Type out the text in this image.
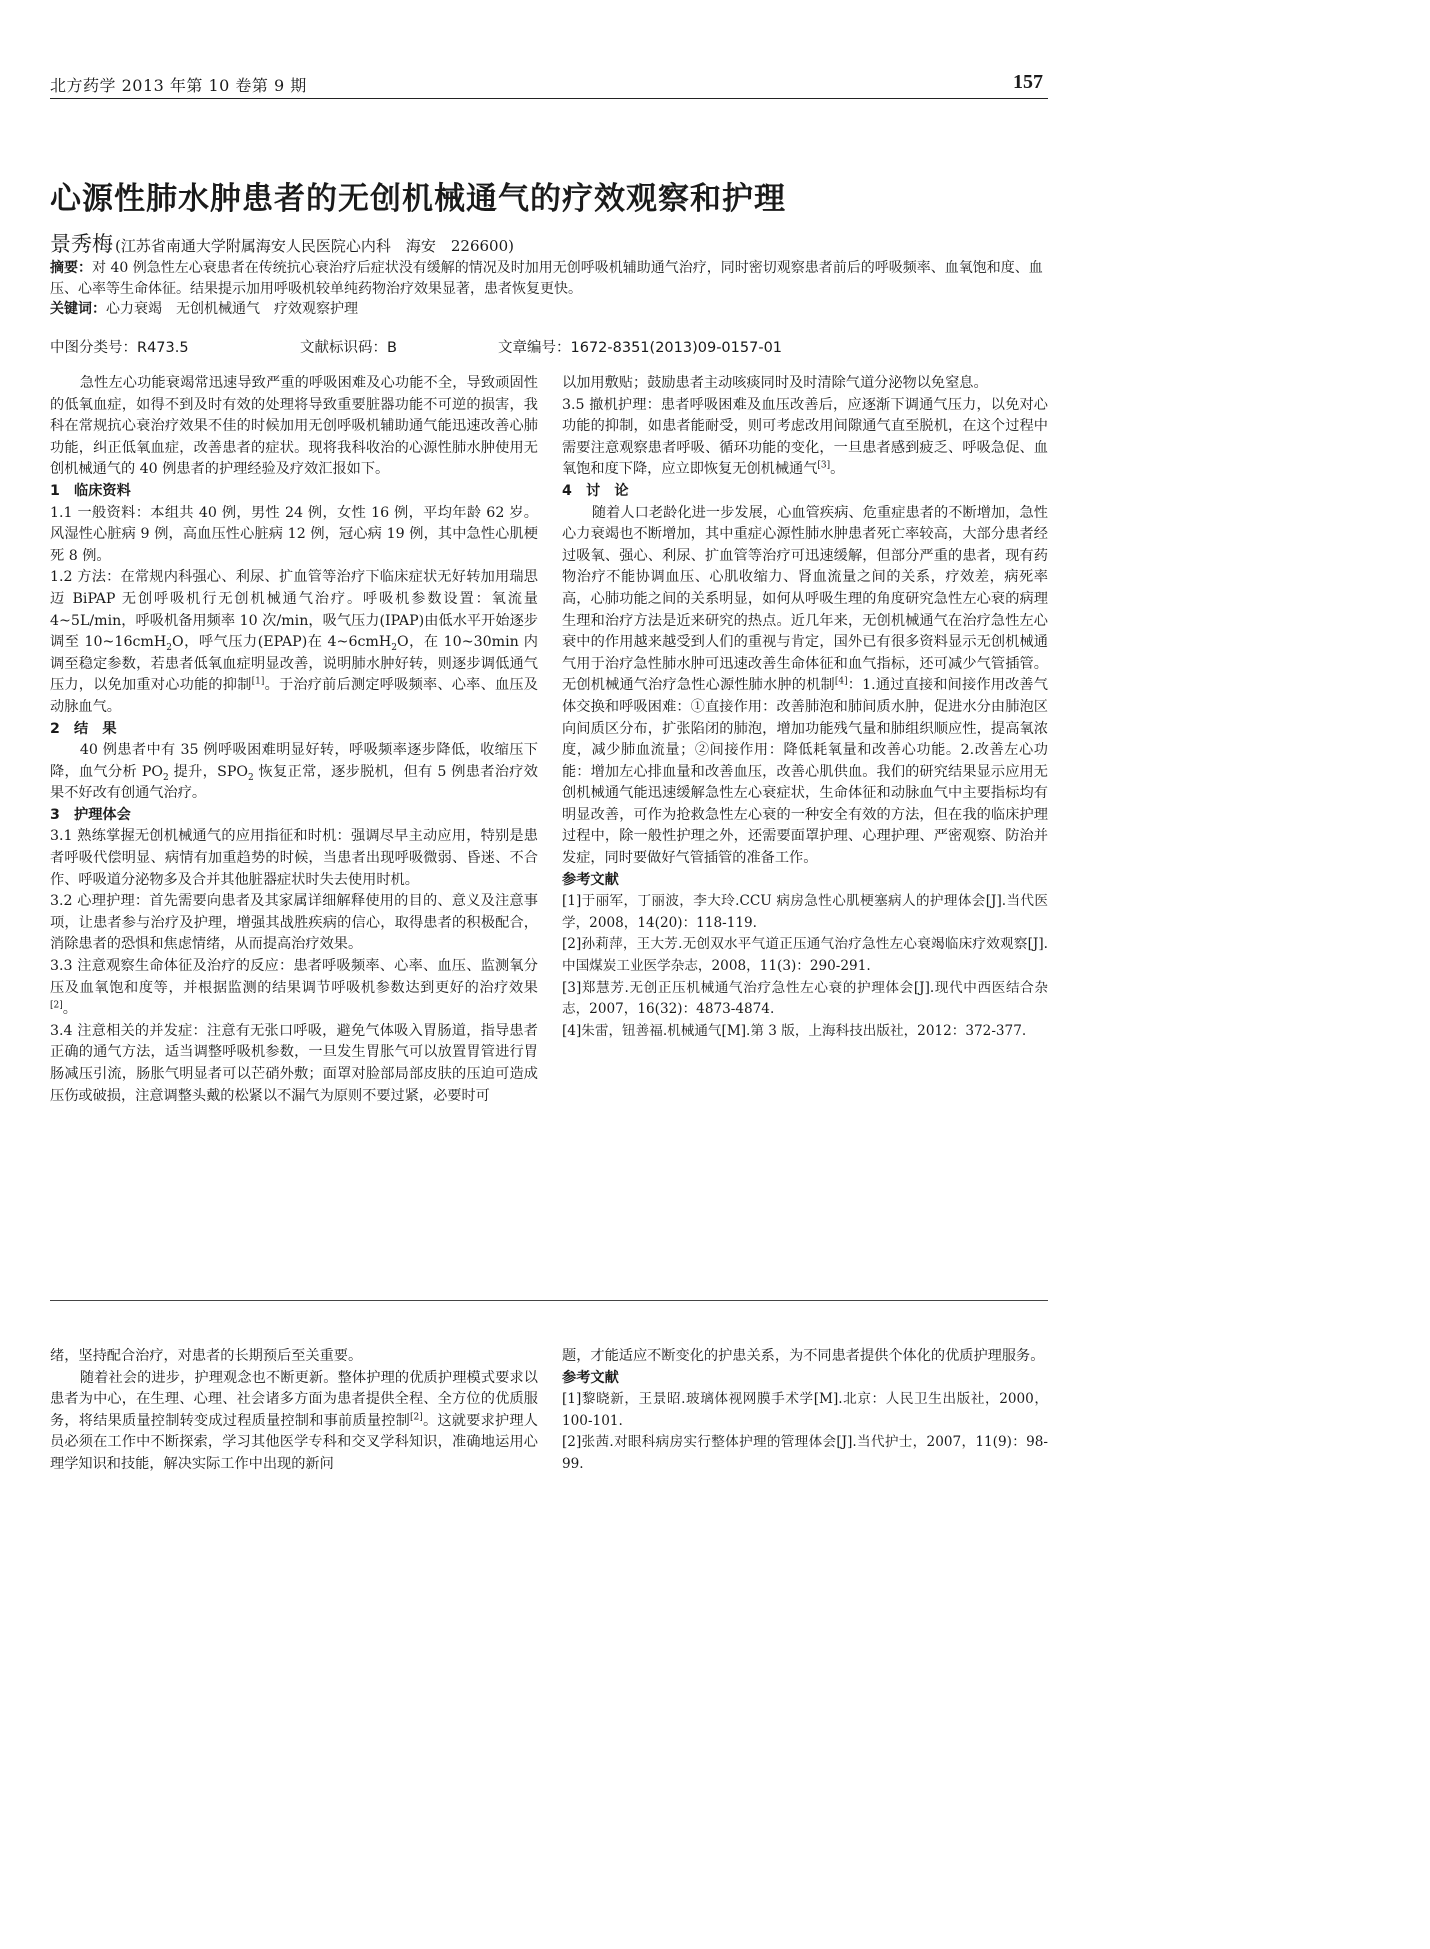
北方药学 2013 年第 10 卷第 9 期	157
心源性肺水肿患者的无创机械通气的疗效观察和护理
景秀梅 (江苏省南通大学附属海安人民医院心内科　海安　226600)
摘要：对 40 例急性左心衰患者在传统抗心衰治疗后症状没有缓解的情况及时加用无创呼吸机辅助通气治疗，同时密切观察患者前后的呼吸频率、血氧饱和度、血压、心率等生命体征。结果提示加用呼吸机较单纯药物治疗效果显著，患者恢复更快。
关键词：心力衰竭　无创机械通气　疗效观察护理
中图分类号：R473.5	文献标识码：B	文章编号：1672-8351(2013)09-0157-01

急性左心功能衰竭常迅速导致严重的呼吸困难及心功能不全，导致顽固性的低氧血症，如得不到及时有效的处理将导致重要脏器功能不可逆的损害，我科在常规抗心衰治疗效果不佳的时候加用无创呼吸机辅助通气能迅速改善心肺功能，纠正低氧血症，改善患者的症状。现将我科收治的心源性肺水肿使用无创机械通气的 40 例患者的护理经验及疗效汇报如下。

1　临床资料

1.1 一般资料：本组共 40 例，男性 24 例，女性 16 例，平均年龄 62 岁。风湿性心脏病 9 例，高血压性心脏病 12 例，冠心病 19 例，其中急性心肌梗死 8 例。

1.2 方法：在常规内科强心、利尿、扩血管等治疗下临床症状无好转加用瑞思迈 BiPAP 无创呼吸机行无创机械通气治疗。呼吸机参数设置：氧流量 4~5L/min，呼吸机备用频率 10 次/min，吸气压力(IPAP)由低水平开始逐步调至 10~16cmH$_2$O，呼气压力(EPAP)在 4~6cmH$_2$O，在 10~30min 内调至稳定参数，若患者低氧血症明显改善，说明肺水肿好转，则逐步调低通气压力，以免加重对心功能的抑制[1]。于治疗前后测定呼吸频率、心率、血压及动脉血气。

2　结　果

40 例患者中有 35 例呼吸困难明显好转，呼吸频率逐步降低，收缩压下降，血气分析 $PO_2$ 提升，$SPO_2$ 恢复正常，逐步脱机，但有 5 例患者治疗效果不好改有创通气治疗。

3　护理体会

3.1 熟练掌握无创机械通气的应用指征和时机：强调尽早主动应用，特别是患者呼吸代偿明显、病情有加重趋势的时候，当患者出现呼吸微弱、昏迷、不合作、呼吸道分泌物多及合并其他脏器症状时失去使用时机。

3.2 心理护理：首先需要向患者及其家属详细解释使用的目的、意义及注意事项，让患者参与治疗及护理，增强其战胜疾病的信心，取得患者的积极配合，消除患者的恐惧和焦虑情绪，从而提高治疗效果。

3.3 注意观察生命体征及治疗的反应：患者呼吸频率、心率、血压、监测氧分压及血氧饱和度等，并根据监测的结果调节呼吸机参数达到更好的治疗效果[2]。

3.4 注意相关的并发症：注意有无张口呼吸，避免气体吸入胃肠道，指导患者正确的通气方法，适当调整呼吸机参数，一旦发生胃胀气可以放置胃管进行胃肠减压引流，肠胀气明显者可以芒硝外敷；面罩对脸部局部皮肤的压迫可造成压伤或破损，注意调整头戴的松紧以不漏气为原则不要过紧，必要时可

以加用敷贴；鼓励患者主动咳痰同时及时清除气道分泌物以免窒息。

3.5 撤机护理：患者呼吸困难及血压改善后，应逐渐下调通气压力，以免对心功能的抑制，如患者能耐受，则可考虑改用间隙通气直至脱机，在这个过程中需要注意观察患者呼吸、循环功能的变化，一旦患者感到疲乏、呼吸急促、血氧饱和度下降，应立即恢复无创机械通气[3]。

4　讨　论

随着人口老龄化进一步发展，心血管疾病、危重症患者的不断增加，急性心力衰竭也不断增加，其中重症心源性肺水肿患者死亡率较高，大部分患者经过吸氧、强心、利尿、扩血管等治疗可迅速缓解，但部分严重的患者，现有药物治疗不能协调血压、心肌收缩力、肾血流量之间的关系，疗效差，病死率高，心肺功能之间的关系明显，如何从呼吸生理的角度研究急性左心衰的病理生理和治疗方法是近来研究的热点。近几年来，无创机械通气在治疗急性左心衰中的作用越来越受到人们的重视与肯定，国外已有很多资料显示无创机械通气用于治疗急性肺水肿可迅速改善生命体征和血气指标，还可减少气管插管。无创机械通气治疗急性心源性肺水肿的机制[4]：1.通过直接和间接作用改善气体交换和呼吸困难：①直接作用：改善肺泡和肺间质水肿，促进水分由肺泡区向间质区分布，扩张陷闭的肺泡，增加功能残气量和肺组织顺应性，提高氧浓度，减少肺血流量；②间接作用：降低耗氧量和改善心功能。2.改善左心功能：增加左心排血量和改善血压，改善心肌供血。我们的研究结果显示应用无创机械通气能迅速缓解急性左心衰症状，生命体征和动脉血气中主要指标均有明显改善，可作为抢救急性左心衰的一种安全有效的方法，但在我的临床护理过程中，除一般性护理之外，还需要面罩护理、心理护理、严密观察、防治并发症，同时要做好气管插管的准备工作。

参考文献

[1]于丽军，丁丽波，李大玲.CCU 病房急性心肌梗塞病人的护理体会[J].当代医学，2008，14(20)：118-119.

[2]孙莉萍，王大芳.无创双水平气道正压通气治疗急性左心衰竭临床疗效观察[J].中国煤炭工业医学杂志，2008，11(3)：290-291.

[3]郑慧芳.无创正压机械通气治疗急性左心衰的护理体会[J].现代中西医结合杂志，2007，16(32)：4873-4874.

[4]朱雷，钮善福.机械通气[M].第 3 版，上海科技出版社，2012：372-377.

绪，坚持配合治疗，对患者的长期预后至关重要。

随着社会的进步，护理观念也不断更新。整体护理的优质护理模式要求以患者为中心，在生理、心理、社会诸多方面为患者提供全程、全方位的优质服务，将结果质量控制转变成过程质量控制和事前质量控制[2]。这就要求护理人员必须在工作中不断探索，学习其他医学专科和交叉学科知识，准确地运用心理学知识和技能，解决实际工作中出现的新问

题，才能适应不断变化的护患关系，为不同患者提供个体化的优质护理服务。

参考文献

[1]黎晓新，王景昭.玻璃体视网膜手术学[M].北京：人民卫生出版社，2000，100-101.

[2]张茜.对眼科病房实行整体护理的管理体会[J].当代护士，2007，11(9)：98-99.
